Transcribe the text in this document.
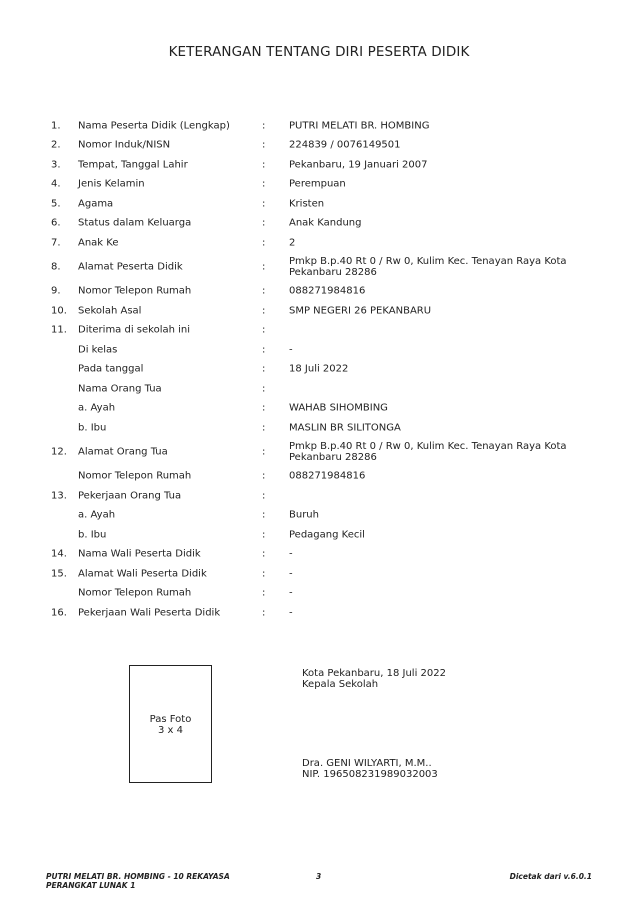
KETERANGAN TENTANG DIRI PESERTA DIDIK
1. Nama Peserta Didik (Lengkap)	: PUTRI MELATI BR. HOMBING
2. Nomor Induk/NISN	: 224839 / 0076149501
3. Tempat, Tanggal Lahir	: Pekanbaru, 19 Januari 2007
4. Jenis Kelamin	: Perempuan
5. Agama	: Kristen
6. Status dalam Keluarga	: Anak Kandung
7. Anak Ke	: 2
8. Alamat Peserta Didik	: Pmkp B.p.40 Rt 0 / Rw 0, Kulim Kec. Tenayan Raya Kota Pekanbaru 28286
9. Nomor Telepon Rumah	: 088271984816
10. Sekolah Asal	: SMP NEGERI 26 PEKANBARU
11. Diterima di sekolah ini	:
Di kelas	: -
Pada tanggal	: 18 Juli 2022
Nama Orang Tua	:
a. Ayah	: WAHAB SIHOMBING
b. Ibu	: MASLIN BR SILITONGA
12. Alamat Orang Tua	: Pmkp B.p.40 Rt 0 / Rw 0, Kulim Kec. Tenayan Raya Kota Pekanbaru 28286
Nomor Telepon Rumah	: 088271984816
13. Pekerjaan Orang Tua	:
a. Ayah	: Buruh
b. Ibu	: Pedagang Kecil
14. Nama Wali Peserta Didik	: -
15. Alamat Wali Peserta Didik	: -
Nomor Telepon Rumah	: -
16. Pekerjaan Wali Peserta Didik	: -
Pas Foto
3 x 4
Kota Pekanbaru, 18 Juli 2022
Kepala Sekolah
Dra. GENI WILYARTI, M.M..
NIP. 196508231989032003
PUTRI MELATI BR. HOMBING - 10 REKAYASA
PERANGKAT LUNAK 1
3	Dicetak dari v.6.0.1
